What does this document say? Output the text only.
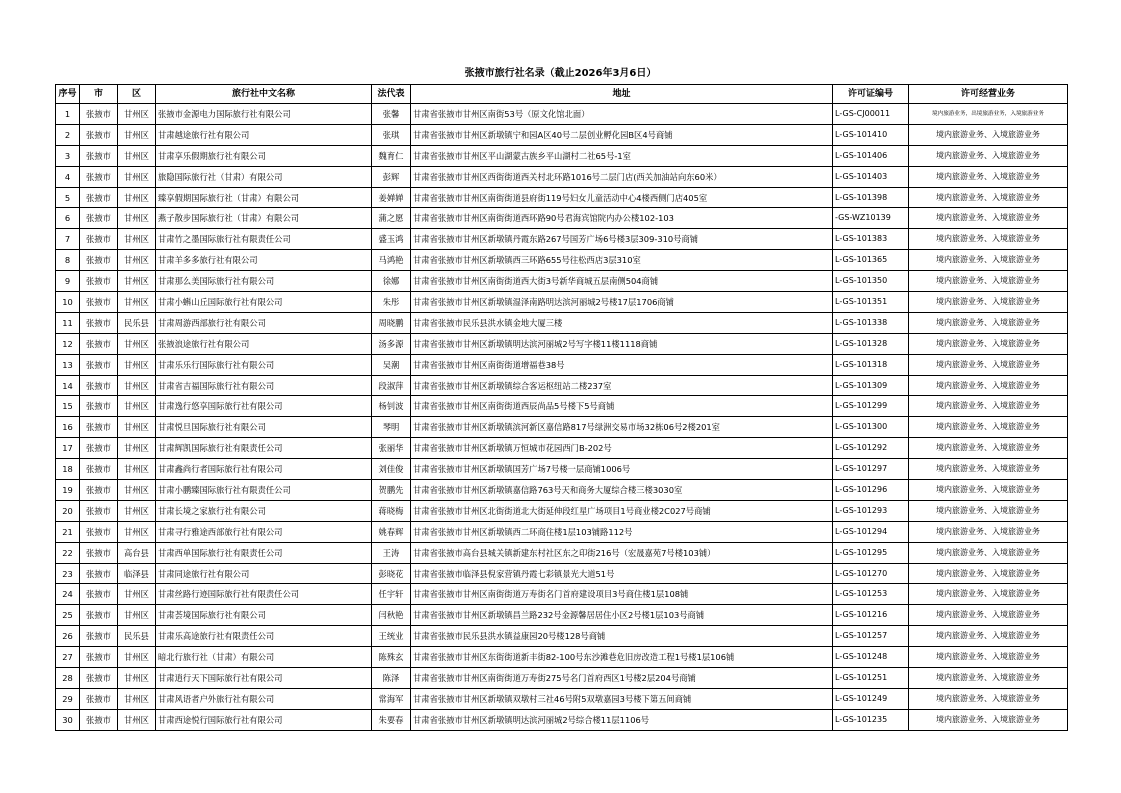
张掖市旅行社名录（截止2026年3月6日）
序号	市	区	旅行社中文名称	法代表	地址	许可证编号	许可经营业务
1	张掖市	甘州区	张掖市金源电力国际旅行社有限公司	张馨	甘肃省张掖市甘州区南街53号（原文化馆北面）	L-GS-CJ00011	境内旅游业务，出境旅游业务，入境旅游业务
2	张掖市	甘州区	甘肃越途旅行社有限公司	张琪	甘肃省张掖市甘州区新墩镇宁和园A区40号二层创业孵化园B区4号商铺	L-GS-101410	境内旅游业务、入境旅游业务
3	张掖市	甘州区	甘肃享乐假期旅行社有限公司	魏育仁	甘肃省张掖市甘州区平山湖蒙古族乡平山湖村二社65号-1室	L-GS-101406	境内旅游业务、入境旅游业务
4	张掖市	甘州区	旅隐国际旅行社（甘肃）有限公司	彭辉	甘肃省张掖市甘州区西街街道西关村北环路1016号二层门店(西关加油站向东60米）	L-GS-101403	境内旅游业务、入境旅游业务
5	张掖市	甘州区	臻享假期国际旅行社（甘肃）有限公司	姜婵婵	甘肃省张掖市甘州区南街街道县府街119号妇女儿童活动中心4楼西侧门店405室	L-GS-101398	境内旅游业务、入境旅游业务
6	张掖市	甘州区	燕子散步国际旅行社（甘肃）有限公司	蒲之愿	甘肃省张掖市甘州区南街街道西环路90号君海宾馆院内办公楼102-103	-GS-WZ10139	境内旅游业务、入境旅游业务
7	张掖市	甘州区	甘肃竹之墨国际旅行社有限责任公司	盛玉鸿	甘肃省张掖市甘州区新墩镇丹霞东路267号国芳广场6号楼3层309-310号商铺	L-GS-101383	境内旅游业务、入境旅游业务
8	张掖市	甘州区	甘肃羊多多旅行社有限公司	马鸿艳	甘肃省张掖市甘州区新墩镇西三环路655号往松西店3层310室	L-GS-101365	境内旅游业务、入境旅游业务
9	张掖市	甘州区	甘肃那么美国际旅行社有限公司	徐娜	甘肃省张掖市甘州区南街街道西大街3号新华商城五层南侧504商铺	L-GS-101350	境内旅游业务、入境旅游业务
10	张掖市	甘州区	甘肃小蝌山丘国际旅行社有限公司	朱彤	甘肃省张掖市甘州区新墩镇湿泽南路明达滨河丽城2号楼17层1706商铺	L-GS-101351	境内旅游业务、入境旅游业务
11	张掖市	民乐县	甘肃周游西部旅行社有限公司	周晓鹏	甘肃省张掖市民乐县洪水镇金地大厦三楼	L-GS-101338	境内旅游业务、入境旅游业务
12	张掖市	甘州区	张掖浪途旅行社有限公司	汤多源	甘肃省张掖市甘州区新墩镇明达滨河丽城2号写字楼11楼1118商铺	L-GS-101328	境内旅游业务、入境旅游业务
13	张掖市	甘州区	甘肃乐乐行国际旅行社有限公司	吴潮	甘肃省张掖市甘州区南街街道增福巷38号	L-GS-101318	境内旅游业务、入境旅游业务
14	张掖市	甘州区	甘肃省吉福国际旅行社有限公司	段淑萍	甘肃省张掖市甘州区新墩镇综合客运枢纽站二楼237室	L-GS-101309	境内旅游业务、入境旅游业务
15	张掖市	甘州区	甘肃逸行悠享国际旅行社有限公司	杨钊波	甘肃省张掖市甘州区南街街道西辰尚品5号楼下5号商铺	L-GS-101299	境内旅游业务、入境旅游业务
16	张掖市	甘州区	甘肃悦旦国际旅行社有限公司	琴明	甘肃省张掖市甘州区新墩镇滨河新区嘉信路817号绿洲交易市场32栋06号2楼201室	L-GS-101300	境内旅游业务、入境旅游业务
17	张掖市	甘州区	甘肃辉凯国际旅行社有限责任公司	张丽华	甘肃省张掖市甘州区新墩镇万恒城市花园西门B-202号	L-GS-101292	境内旅游业务、入境旅游业务
18	张掖市	甘州区	甘肃鑫尚行者国际旅行社有限公司	刘佳俊	甘肃省张掖市甘州区新墩镇国芳广场7号楼一层商铺1006号	L-GS-101297	境内旅游业务、入境旅游业务
19	张掖市	甘州区	甘肃小鹏臻国际旅行社有限责任公司	贺鹏先	甘肃省张掖市甘州区新墩镇嘉信路763号天和商务大厦综合楼三楼3030室	L-GS-101296	境内旅游业务、入境旅游业务
20	张掖市	甘州区	甘肃长境之家旅行社有限公司	蒋晓梅	甘肃省张掖市甘州区北街街道北大街延伸段红星广场项目1号商业楼2C027号商铺	L-GS-101293	境内旅游业务、入境旅游业务
21	张掖市	甘州区	甘肃寻行雅途西部旅行社有限公司	姚春辉	甘肃省张掖市甘州区新墩镇西二环商住楼1层103铺路112号	L-GS-101294	境内旅游业务、入境旅游业务
22	张掖市	高台县	甘肃西单国际旅行社有限责任公司	王涛	甘肃省张掖市高台县城关镇新建东村社区东之印街216号（宏晟嘉苑7号楼103铺）	L-GS-101295	境内旅游业务、入境旅游业务
23	张掖市	临泽县	甘肃同途旅行社有限公司	彭晓花	甘肃省张掖市临泽县倪家营镇丹霞七彩镇景光大道51号	L-GS-101270	境内旅游业务、入境旅游业务
24	张掖市	甘州区	甘肃丝路行迹国际旅行社有限责任公司	任宇轩	甘肃省张掖市甘州区南街街道万寿街名门首府建设项目3号商住楼1层108铺	L-GS-101253	境内旅游业务、入境旅游业务
25	张掖市	甘州区	甘肃荟境国际旅行社有限公司	闫秋艳	甘肃省张掖市甘州区新墩镇昌兰路232号金源馨居居住小区2号楼1层103号商铺	L-GS-101216	境内旅游业务、入境旅游业务
26	张掖市	民乐县	甘肃乐高途旅行社有限责任公司	王统业	甘肃省张掖市民乐县洪水镇益康园20号楼128号商铺	L-GS-101257	境内旅游业务、入境旅游业务
27	张掖市	甘州区	暗北行旅行社（甘肃）有限公司	陈殊玄	甘肃省张掖市甘州区东街街道新丰街82-100号东沙滩巷危旧房改造工程1号楼1层106铺	L-GS-101248	境内旅游业务、入境旅游业务
28	张掖市	甘州区	甘肃逍行天下国际旅行社有限公司	陈泽	甘肃省张掖市甘州区南街街道万寿街275号名门首府西区1号楼2层204号商铺	L-GS-101251	境内旅游业务、入境旅游业务
29	张掖市	甘州区	甘肃风语者户外旅行社有限公司	常海军	甘肃省张掖市甘州区新墩镇双墩村三社46号附5双墩嘉园3号楼下第五间商铺	L-GS-101249	境内旅游业务、入境旅游业务
30	张掖市	甘州区	甘肃西途悦行国际旅行社有限公司	朱要春	甘肃省张掖市甘州区新墩镇明达滨河丽城2号综合楼11层1106号	L-GS-101235	境内旅游业务、入境旅游业务
